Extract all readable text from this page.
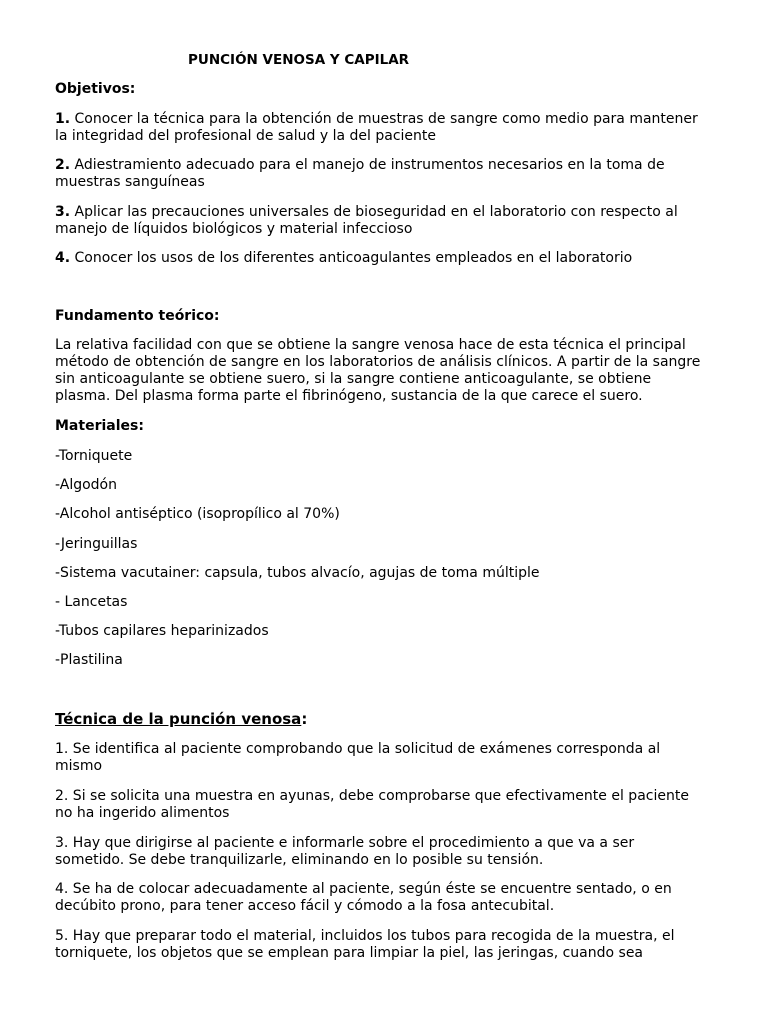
PUNCIÓN VENOSA Y CAPILAR
Objetivos:
1. Conocer la técnica para la obtención de muestras de sangre como medio para mantener
la integridad del profesional de salud y la del paciente
2. Adiestramiento adecuado para el manejo de instrumentos necesarios en la toma de
muestras sanguíneas
3. Aplicar las precauciones universales de bioseguridad en el laboratorio con respecto al
manejo de líquidos biológicos y material infeccioso
4. Conocer los usos de los diferentes anticoagulantes empleados en el laboratorio
Fundamento teórico:
La relativa facilidad con que se obtiene la sangre venosa hace de esta técnica el principal
método de obtención de sangre en los laboratorios de análisis clínicos. A partir de la sangre
sin anticoagulante se obtiene suero, si la sangre contiene anticoagulante, se obtiene
plasma. Del plasma forma parte el fibrinógeno, sustancia de la que carece el suero.
Materiales:
-Torniquete
-Algodón
-Alcohol antiséptico (isopropílico al 70%)
-Jeringuillas
-Sistema vacutainer: capsula, tubos alvacío, agujas de toma múltiple
- Lancetas
-Tubos capilares heparinizados
-Plastilina
Técnica de la punción venosa:
1. Se identifica al paciente comprobando que la solicitud de exámenes corresponda al
mismo
2. Si se solicita una muestra en ayunas, debe comprobarse que efectivamente el paciente
no ha ingerido alimentos
3. Hay que dirigirse al paciente e informarle sobre el procedimiento a que va a ser
sometido. Se debe tranquilizarle, eliminando en lo posible su tensión.
4. Se ha de colocar adecuadamente al paciente, según éste se encuentre sentado, o en
decúbito prono, para tener acceso fácil y cómodo a la fosa antecubital.
5. Hay que preparar todo el material, incluidos los tubos para recogida de la muestra, el
torniquete, los objetos que se emplean para limpiar la piel, las jeringas, cuando sea
